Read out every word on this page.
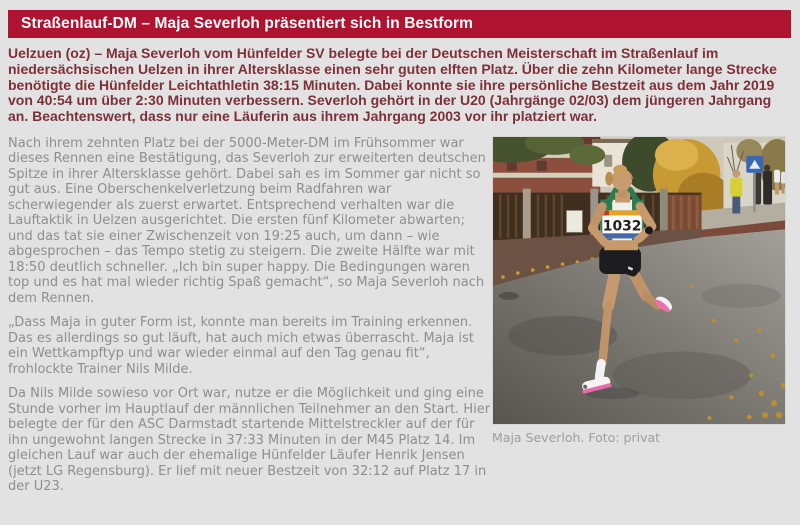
Straßenlauf-DM – Maja Severloh präsentiert sich in Bestform

Uelzuen (oz) – Maja Severloh vom Hünfelder SV belegte bei der Deutschen Meisterschaft im Straßenlauf im niedersächsischen Uelzen in ihrer Altersklasse einen sehr guten elften Platz. Über die zehn Kilometer lange Strecke benötigte die Hünfelder Leichtathletin 38:15 Minuten. Dabei konnte sie ihre persönliche Bestzeit aus dem Jahr 2019 von 40:54 um über 2:30 Minuten verbessern. Severloh gehört in der U20 (Jahrgänge 02/03) dem jüngeren Jahrgang an. Beachtenswert, dass nur eine Läuferin aus ihrem Jahrgang 2003 vor ihr platziert war.

Nach ihrem zehnten Platz bei der 5000-Meter-DM im Frühsommer war dieses Rennen eine Bestätigung, das Severloh zur erweiterten deutschen Spitze in ihrer Altersklasse gehört. Dabei sah es im Sommer gar nicht so gut aus. Eine Oberschenkelverletzung beim Radfahren war scherwiegender als zuerst erwartet. Entsprechend verhalten war die Lauftaktik in Uelzen ausgerichtet. Die ersten fünf Kilometer abwarten; und das tat sie einer Zwischenzeit von 19:25 auch, um dann – wie abgesprochen – das Tempo stetig zu steigern. Die zweite Hälfte war mit 18:50 deutlich schneller. „Ich bin super happy. Die Bedingungen waren top und es hat mal wieder richtig Spaß gemacht“, so Maja Severloh nach dem Rennen.

„Dass Maja in guter Form ist, konnte man bereits im Training erkennen. Das es allerdings so gut läuft, hat auch mich etwas überrascht. Maja ist ein Wettkampftyp und war wieder einmal auf den Tag genau fit“, frohlockte Trainer Nils Milde.

Da Nils Milde sowieso vor Ort war, nutze er die Möglichkeit und ging eine Stunde vorher im Hauptlauf der männlichen Teilnehmer an den Start. Hier belegte der für den ASC Darmstadt startende Mittelstreckler auf der für ihn ungewohnt langen Strecke in 37:33 Minuten in der M45 Platz 14. Im gleichen Lauf war auch der ehemalige Hünfelder Läufer Henrik Jensen (jetzt LG Regensburg). Er lief mit neuer Bestzeit von 32:12 auf Platz 17 in der U23.

1032
Maja Severloh. Foto: privat
